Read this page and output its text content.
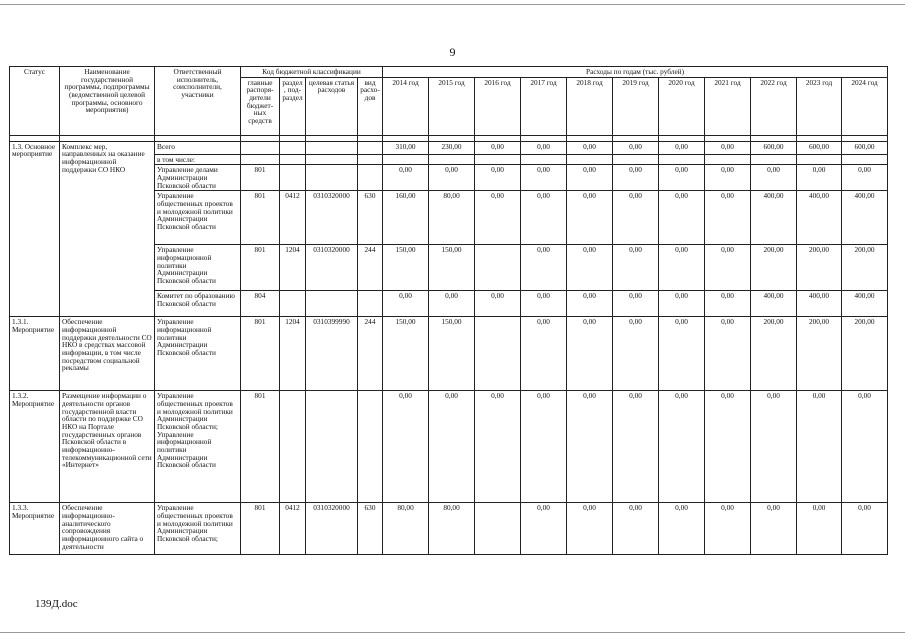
9
Статус	Наименование государственной программы, подпрограммы (ведомственной целевой программы, основного мероприятия)	Ответственный исполнитель, соисполнители, участники	Код бюджетной классификации				Расходы по годам (тыс. рублей)										
			главные распоря-дители бюджет-ных средств	раздел, под-раздел	целевая статья расходов	вид расхо-дов	2014 год	2015 год	2016 год	2017 год	2018 год	2019 год	2020 год	2021 год	2022 год	2023 год	2024 год

1.3. Основное мероприятие	Комплекс мер, направленных на оказание информационной поддержки СО НКО	Всего					310,00	230,00	0,00	0,00	0,00	0,00	0,00	0,00	600,00	600,00	600,00
		в том числе:															
		Управление делами Администрации Псковской области	801				0,00	0,00	0,00	0,00	0,00	0,00	0,00	0,00	0,00	0,00	0,00
		Управление общественных проектов и молодежной политики Администрации Псковской области	801	0412	0310320000	630	160,00	80,00	0,00	0,00	0,00	0,00	0,00	0,00	400,00	400,00	400,00
		Управление информационной политики Администрации Псковской области	801	1204	0310320000	244	150,00	150,00		0,00	0,00	0,00	0,00	0,00	200,00	200,00	200,00
		Комитет по образованию Псковской области	804				0,00	0,00	0,00	0,00	0,00	0,00	0,00	0,00	400,00	400,00	400,00
1.3.1. Мероприятие	Обеспечение информационной поддержки деятельности СО НКО в средствах массовой информации, в том числе посредством социальной рекламы	Управление информационной политики Администрации Псковской области	801	1204	0310399990	244	150,00	150,00		0,00	0,00	0,00	0,00	0,00	200,00	200,00	200,00
1.3.2. Мероприятие	Размещение информации о деятельности органов государственной власти области по поддержке СО НКО на Портале государственных органов Псковской области в информационно-телекоммуникационной сети «Интернет»	Управление общественных проектов и молодежной политики Администрации Псковской области; Управление информационной политики Администрации Псковской области	801				0,00	0,00	0,00	0,00	0,00	0,00	0,00	0,00	0,00	0,00	0,00
1.3.3. Мероприятие	Обеспечение информационно-аналитического сопровождения информационного сайта о деятельности	Управление общественных проектов и молодежной политики Администрации Псковской области;	801	0412	0310320000	630	80,00	80,00		0,00	0,00	0,00	0,00	0,00	0,00	0,00	0,00
139Д.doc
